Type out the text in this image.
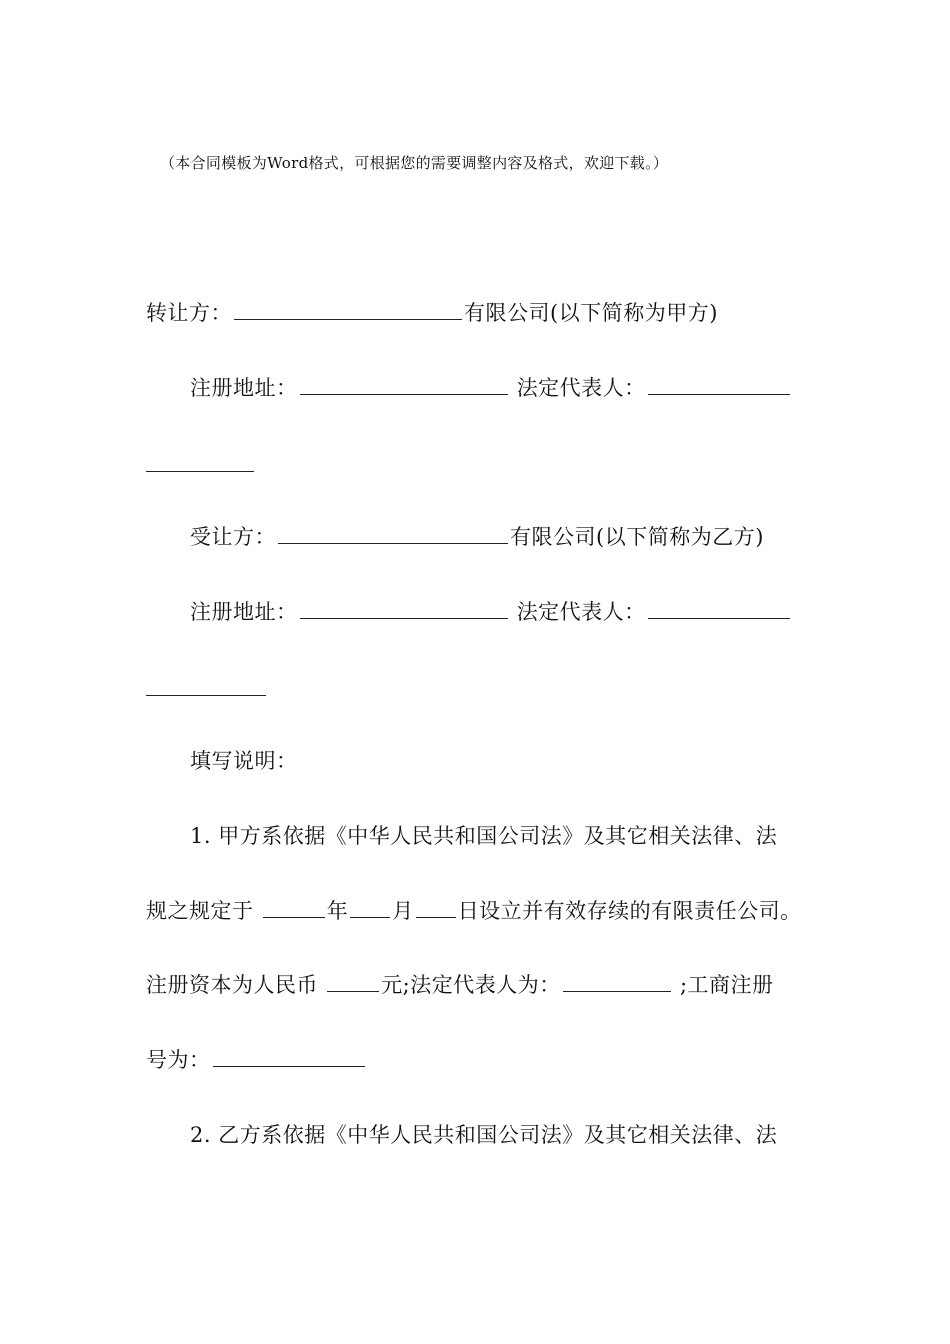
（本合同模板为Word格式，可根据您的需要调整内容及格式，欢迎下载。）
转让方：	有限公司(以下简称为甲方)
注册地址：	法定代表人：
受让方：	有限公司(以下简称为乙方)
注册地址：	法定代表人：
填写说明：
1. 甲方系依据《中华人民共和国公司法》及其它相关法律、法
规之规定于	年 月 日设立并有效存续的有限责任公司。
注册资本为人民币	元;法定代表人为：	;工商注册
号为：
2. 乙方系依据《中华人民共和国公司法》及其它相关法律、法
